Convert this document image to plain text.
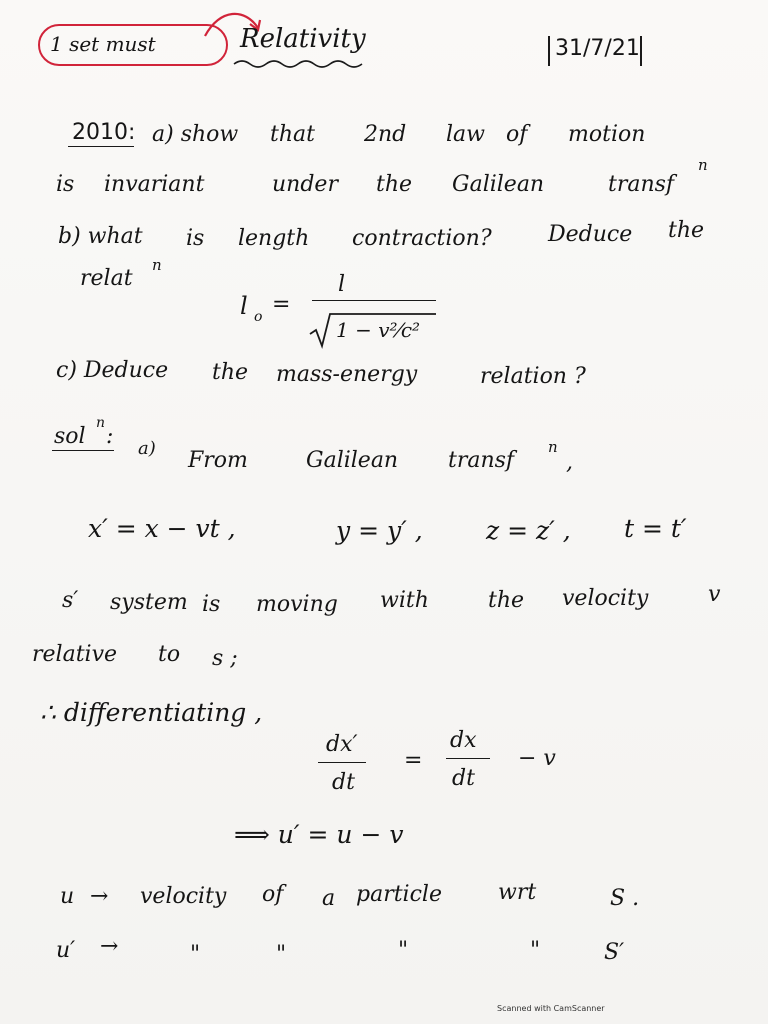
1 set must	Relativity	31/7/21
2010: a) show that 2nd law of motion
is invariant	under the Galilean	transf
n
b) what is length contraction?	Deduce the
relat
n
l o =
l
1 − v²⁄c²
c) Deduce the mass-energy	relation ?
sol
n
: a) From	Galilean transf
n
,
x′ = x − vt ,	y = y′ ,	z = z′ , t = t′
s′ system is moving with	the velocity	v
relative to s ;
∴ differentiating ,
dx′
dt
=
dx
dt
− v
⟹ u′ = u − v
u → velocity of a particle	wrt	S .
u′ →	"	"	"	"	S′
Scanned with CamScanner
